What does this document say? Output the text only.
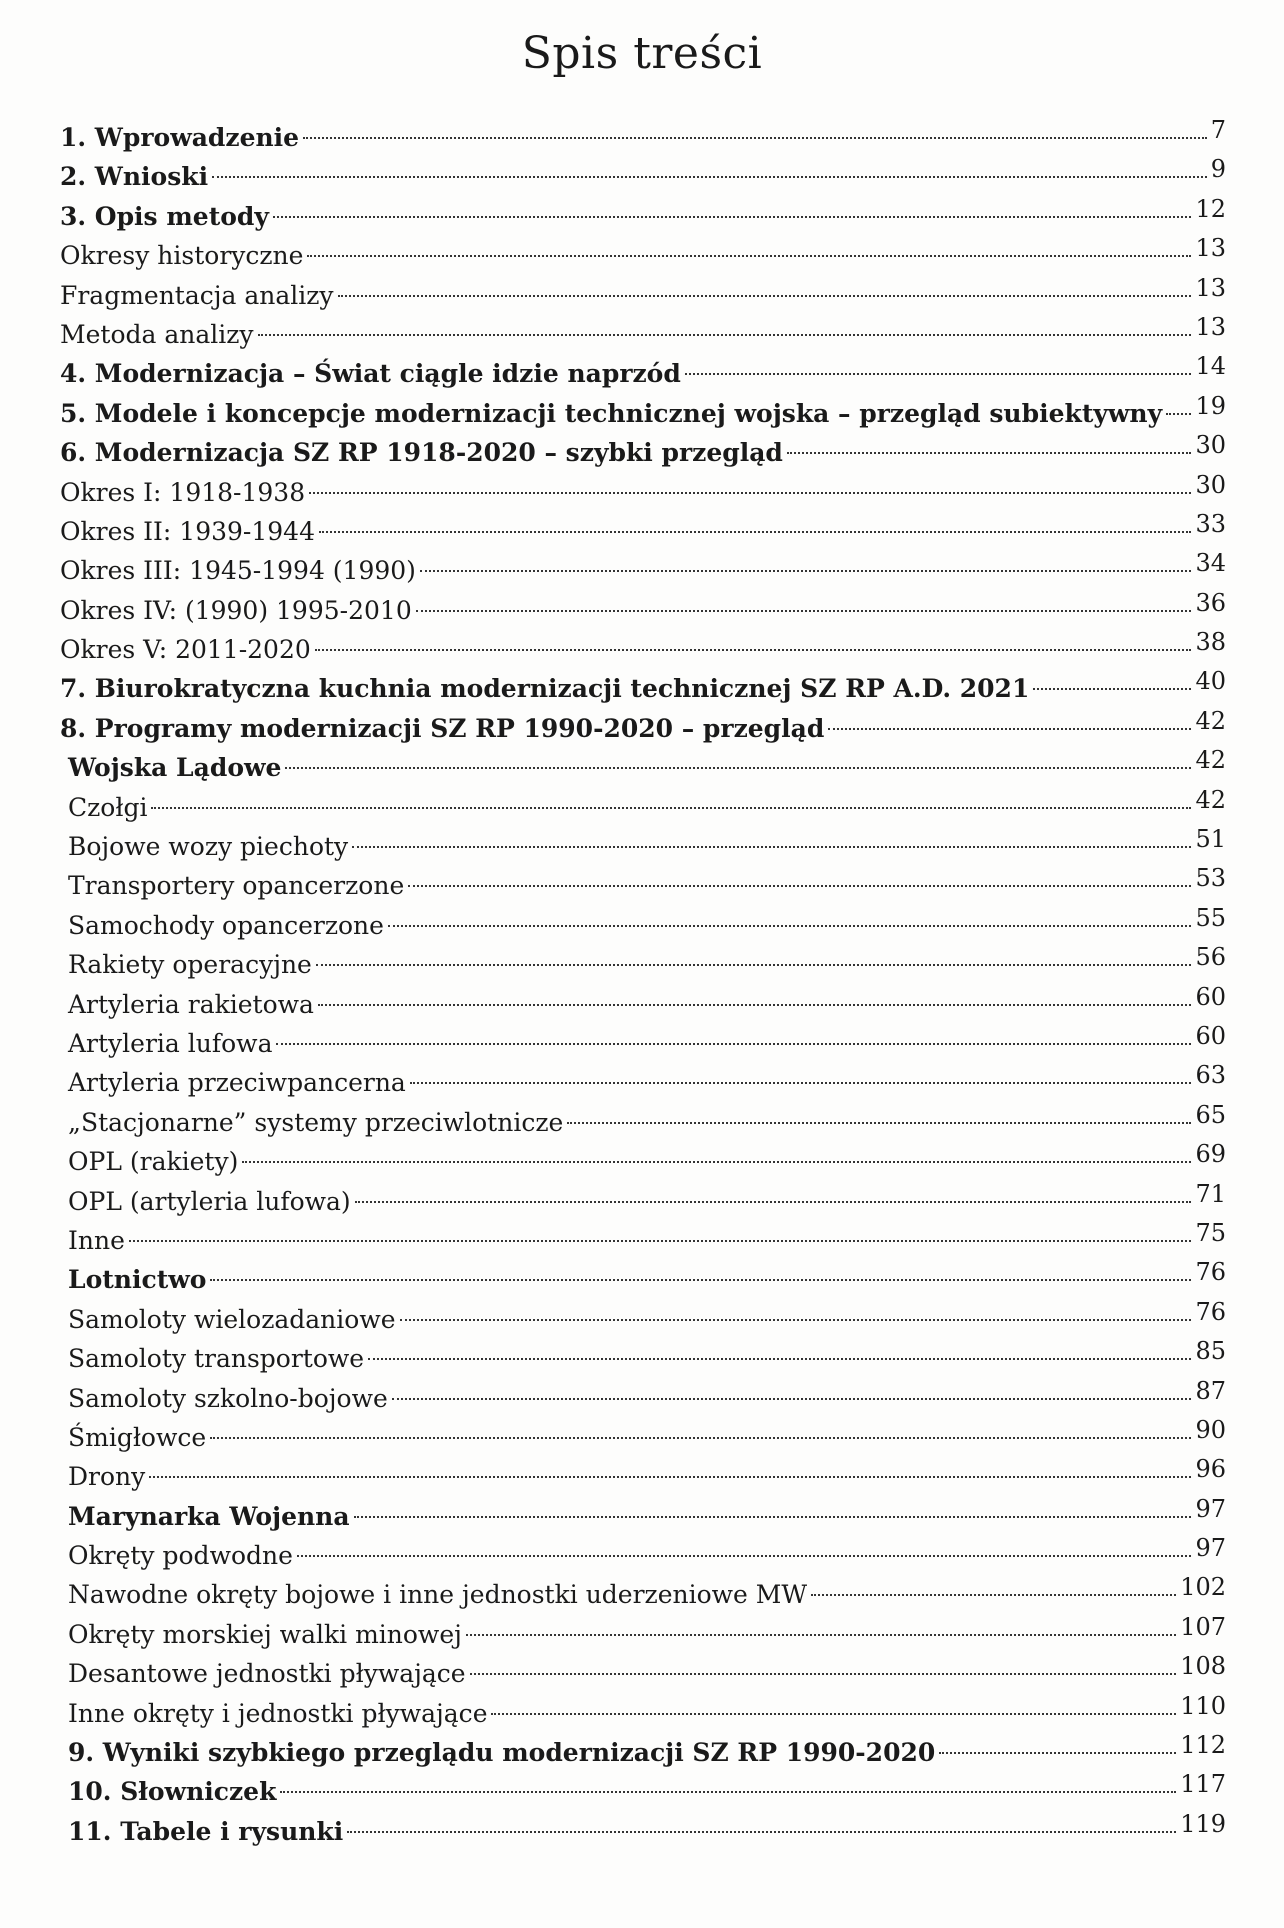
Spis treści
1. Wprowadzenie	7
2. Wnioski	9
3. Opis metody	12
Okresy historyczne	13
Fragmentacja analizy	13
Metoda analizy	13
4. Modernizacja – Świat ciągle idzie naprzód	14
5. Modele i koncepcje modernizacji technicznej wojska – przegląd subiektywny 19
6. Modernizacja SZ RP 1918-2020 – szybki przegląd	30
Okres I: 1918-1938	30
Okres II: 1939-1944	33
Okres III: 1945-1994 (1990)	34
Okres IV: (1990) 1995-2010	36
Okres V: 2011-2020	38
7. Biurokratyczna kuchnia modernizacji technicznej SZ RP A.D. 2021	40
8. Programy modernizacji SZ RP 1990-2020 – przegląd	42
Wojska Lądowe	42
Czołgi	42
Bojowe wozy piechoty	51
Transportery opancerzone	53
Samochody opancerzone	55
Rakiety operacyjne	56
Artyleria rakietowa	60
Artyleria lufowa	60
Artyleria przeciwpancerna	63
„Stacjonarne” systemy przeciwlotnicze	65
OPL (rakiety)	69
OPL (artyleria lufowa)	71
Inne	75
Lotnictwo	76
Samoloty wielozadaniowe	76
Samoloty transportowe	85
Samoloty szkolno-bojowe	87
Śmigłowce	90
Drony	96
Marynarka Wojenna	97
Okręty podwodne	97
Nawodne okręty bojowe i inne jednostki uderzeniowe MW	102
Okręty morskiej walki minowej	107
Desantowe jednostki pływające	108
Inne okręty i jednostki pływające	110
9. Wyniki szybkiego przeglądu modernizacji SZ RP 1990-2020	112
10. Słowniczek	117
11. Tabele i rysunki	119
